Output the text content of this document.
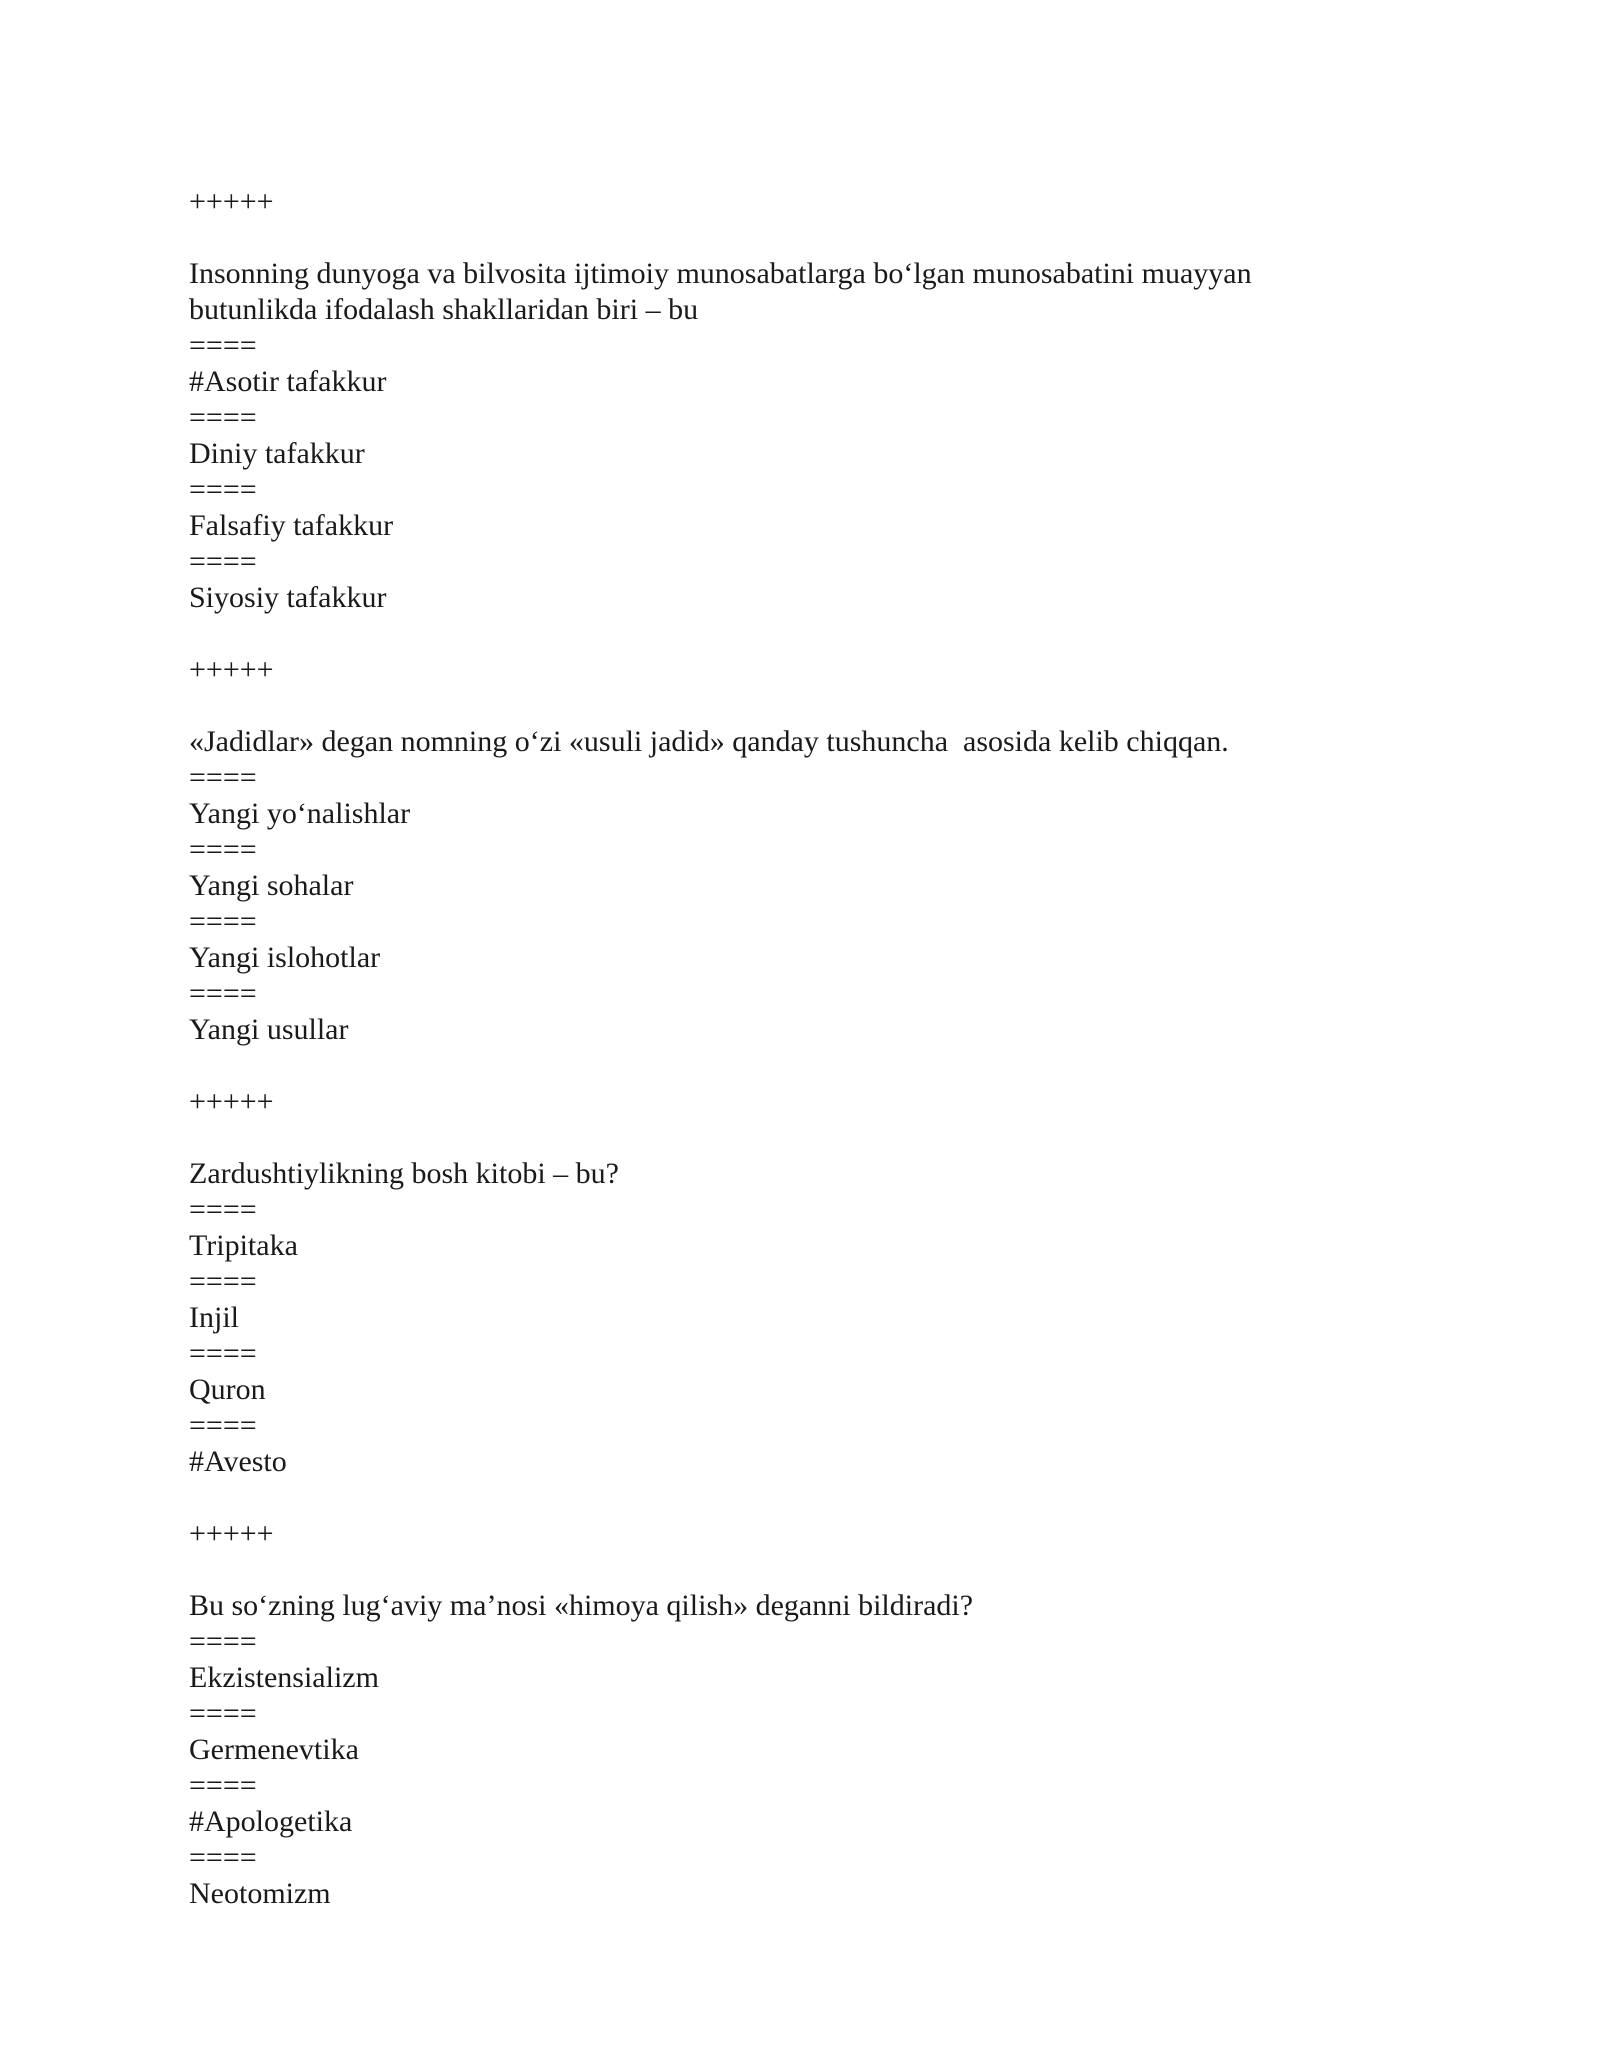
+++++
Insonning dunyoga va bilvosita ijtimoiy munosabatlarga bo‘lgan munosabatini muayyan butunlikda ifodalash shakllaridan biri – bu
====
#Asotir tafakkur
====
Diniy tafakkur
====
Falsafiy tafakkur
====
Siyosiy tafakkur
+++++
«Jadidlar» degan nomning o‘zi «usuli jadid» qanday tushuncha  asosida kelib chiqqan.
====
Yangi yo‘nalishlar
====
Yangi sohalar
====
Yangi islohotlar
====
Yangi usullar
+++++
Zardushtiylikning bosh kitobi – bu?
====
Tripitaka
====
Injil
====
Quron
====
#Avesto
+++++
Bu so‘zning lug‘aviy ma’nosi «himoya qilish» deganni bildiradi?
====
Ekzistensializm
====
Germenevtika
====
#Apologetika
====
Neotomizm
